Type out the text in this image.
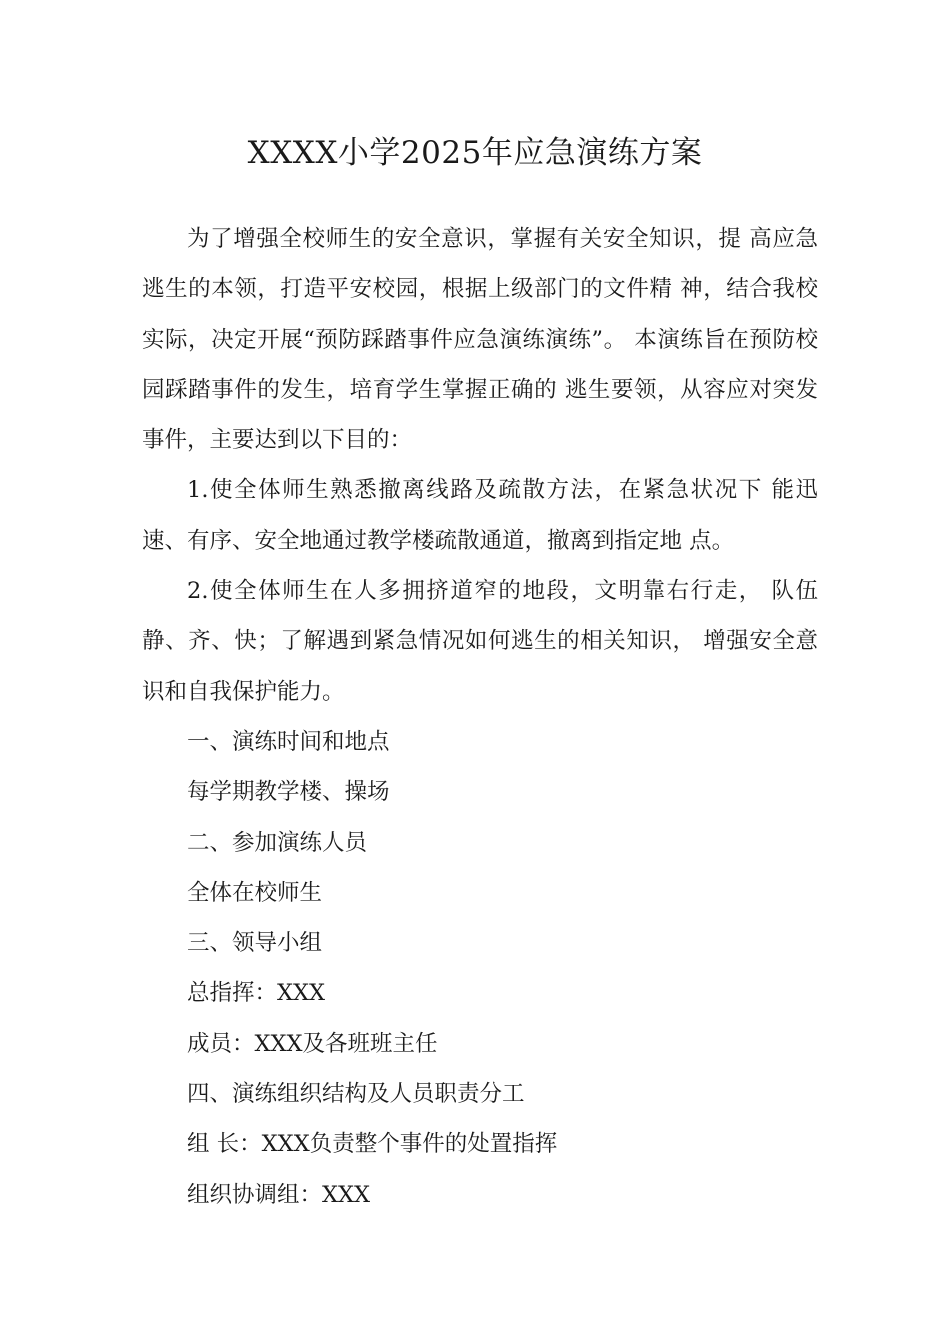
XXXX小学2025年应急演练方案

为了增强全校师生的安全意识，掌握有关安全知识，提 高应急逃生的本领，打造平安校园，根据上级部门的文件精 神，结合我校实际，决定开展“预防踩踏事件应急演练演练”。 本演练旨在预防校园踩踏事件的发生，培育学生掌握正确的 逃生要领，从容应对突发事件，主要达到以下目的：

1.使全体师生熟悉撤离线路及疏散方法，在紧急状况下 能迅速、有序、安全地通过教学楼疏散通道，撤离到指定地 点。

2.使全体师生在人多拥挤道窄的地段，文明靠右行走， 队伍静、齐、快；了解遇到紧急情况如何逃生的相关知识， 增强安全意识和自我保护能力。

一、演练时间和地点

每学期教学楼、操场

二、参加演练人员

全体在校师生

三、领导小组

总指挥：XXX

成员：XXX及各班班主任

四、演练组织结构及人员职责分工

组 长：XXX负责整个事件的处置指挥

组织协调组：XXX
